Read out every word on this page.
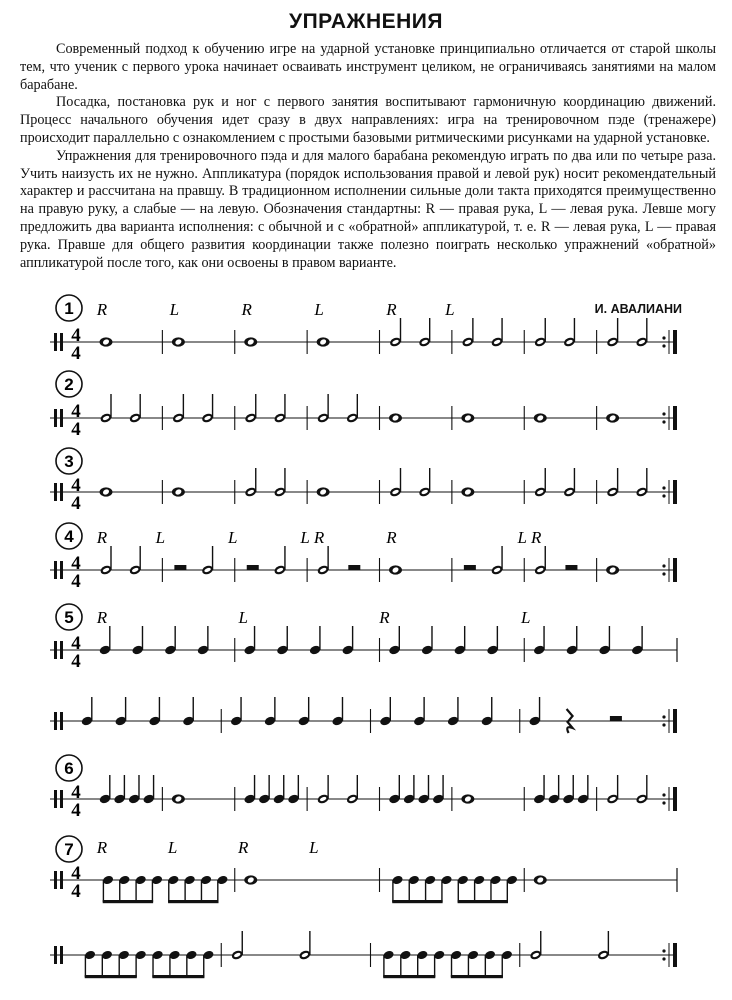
УПРАЖНЕНИЯ

Современный подход к обучению игре на ударной установке принципиально отличается от старой школы тем, что ученик с первого урока начинает осваивать инструмент целиком, не ограничиваясь занятиями на малом барабане.

Посадка, постановка рук и ног с первого занятия воспитывают гармоничную координацию движений. Процесс начального обучения идет сразу в двух направлениях: игра на тренировочном пэде (тренажере) происходит параллельно с ознакомлением с простыми базовыми ритмическими рисунками на ударной установке.

Упражнения для тренировочного пэда и для малого барабана рекомендую играть по два или по четыре раза. Учить наизусть их не нужно. Аппликатура (порядок использования правой и левой рук) носит рекомендательный характер и рассчитана на правшу. В традиционном исполнении сильные доли такта приходятся преимущественно на правую руку, а слабые — на левую. Обозначения стандартны: R — правая рука, L — левая рука. Левше могу предложить два варианта исполнения: с обычной и с «обратной» аппликатурой, т. е. R — левая рука, L — правая рука. Правше для общего развития координации также полезно поиграть несколько упражнений «обратной» аппликатурой после того, как они освоены в правом варианте.

И. АВАЛИАНИ
1
4
4
R	L	R	L	R	L
2
4
4
3
4
4
4
4
4
R	L	L	L R	R	L R
5
4
4
R	L	R	L
6
4
4
7
4
4
R	L	R	L
